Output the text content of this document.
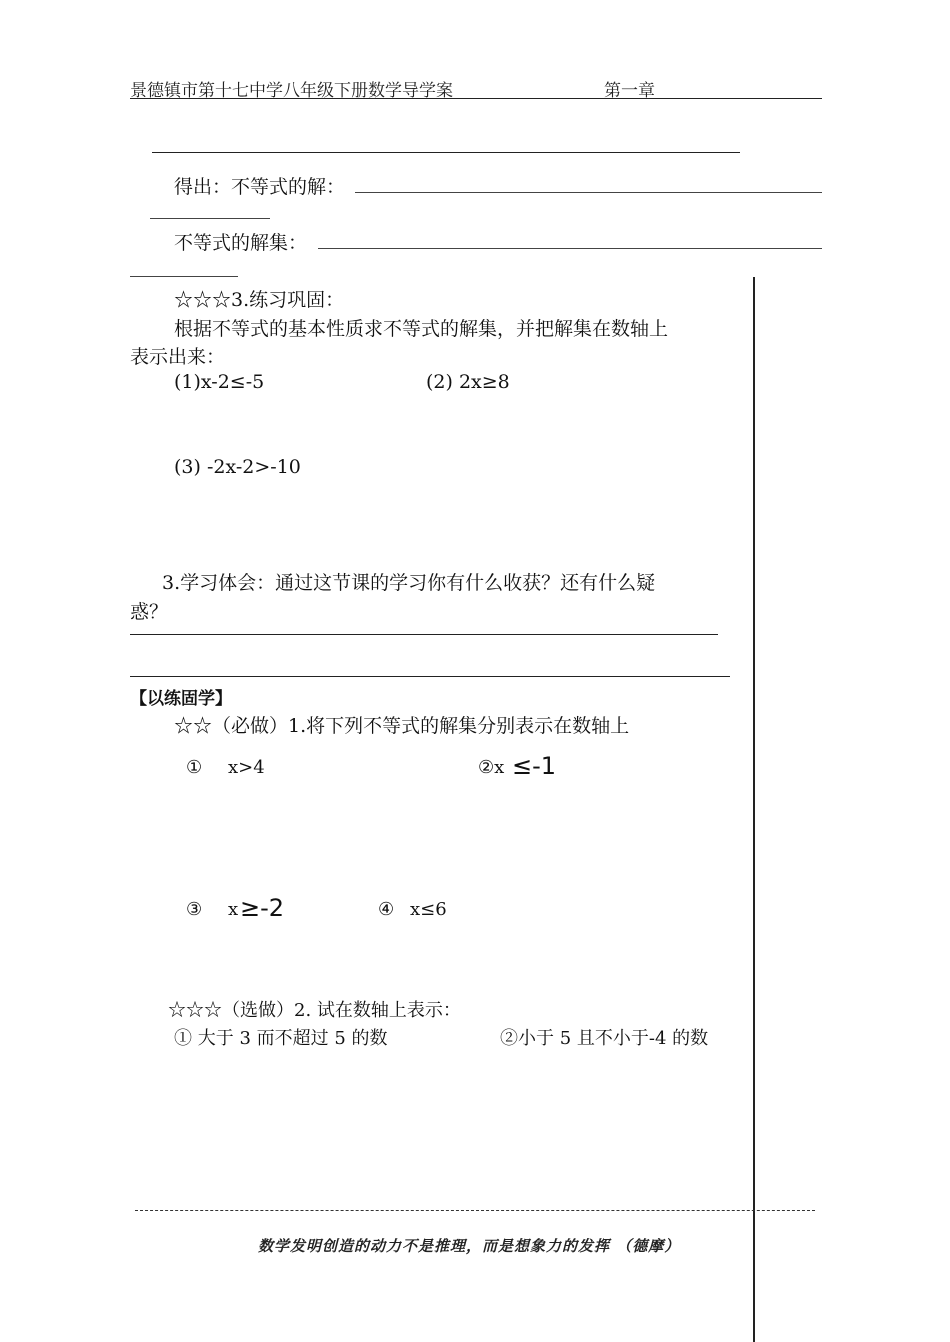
景德镇市第十七中学八年级下册数学导学案	第一章
得出：不等式的解：
不等式的解集：
☆☆☆3.练习巩固：
根据不等式的基本性质求不等式的解集，并把解集在数轴上
表示出来：
(1)x-2≤-5	(2) 2x≥8
(3) -2x-2>-10
3.学习体会：通过这节课的学习你有什么收获？还有什么疑
惑？
【以练固学】
☆☆（必做）1.将下列不等式的解集分别表示在数轴上
① x>4	②x ≤-1
③ x ≥-2	④ x≤6
☆☆☆（选做）2. 试在数轴上表示：
① 大于 3 而不超过 5 的数	②小于 5 且不小于-4 的数
数学发明创造的动力不是推理，而是想象力的发挥 （德摩）
